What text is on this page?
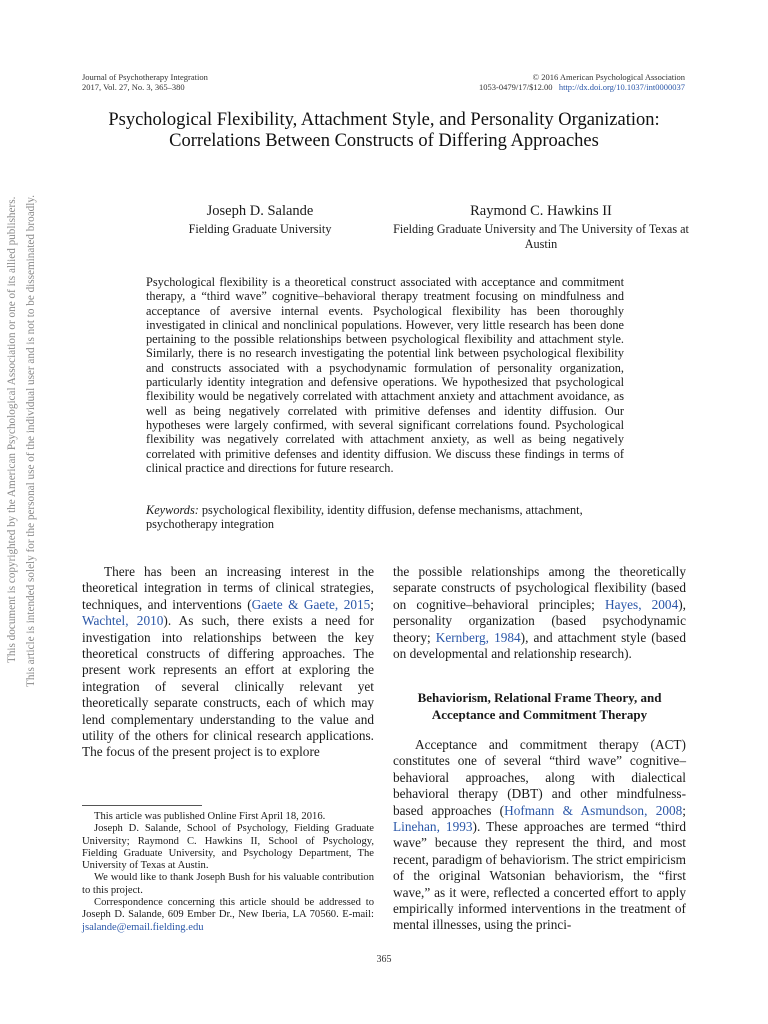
Journal of Psychotherapy Integration
2017, Vol. 27, No. 3, 365–380
© 2016 American Psychological Association
1053-0479/17/$12.00 http://dx.doi.org/10.1037/int0000037
Psychological Flexibility, Attachment Style, and Personality Organization: Correlations Between Constructs of Differing Approaches
Joseph D. Salande
Fielding Graduate University
Raymond C. Hawkins II
Fielding Graduate University and The University of Texas at Austin
Psychological flexibility is a theoretical construct associated with acceptance and commitment therapy, a “third wave” cognitive–behavioral therapy treatment focusing on mindfulness and acceptance of aversive internal events. Psychological flexibility has been thoroughly investigated in clinical and nonclinical populations. However, very little research has been done pertaining to the possible relationships between psychological flexibility and attachment style. Similarly, there is no research investigating the potential link between psychological flexibility and constructs associated with a psychodynamic formulation of personality organization, particularly identity integration and defensive operations. We hypothesized that psychological flexibility would be negatively correlated with attachment anxiety and attachment avoidance, as well as being negatively correlated with primitive defenses and identity diffusion. Our hypotheses were largely confirmed, with several significant correlations found. Psychological flexibility was negatively correlated with attachment anxiety, as well as being negatively correlated with primitive defenses and identity diffusion. We discuss these findings in terms of clinical practice and directions for future research.
Keywords: psychological flexibility, identity diffusion, defense mechanisms, attachment, psychotherapy integration
There has been an increasing interest in the theoretical integration in terms of clinical strategies, techniques, and interventions (Gaete & Gaete, 2015; Wachtel, 2010). As such, there exists a need for investigation into relationships between the key theoretical constructs of differing approaches. The present work represents an effort at exploring the integration of several clinically relevant yet theoretically separate constructs, each of which may lend complementary understanding to the value and utility of the others for clinical research applications. The focus of the present project is to explore
the possible relationships among the theoretically separate constructs of psychological flexibility (based on cognitive–behavioral principles; Hayes, 2004), personality organization (based psychodynamic theory; Kernberg, 1984), and attachment style (based on developmental and relationship research).
Behaviorism, Relational Frame Theory, and Acceptance and Commitment Therapy
Acceptance and commitment therapy (ACT) constitutes one of several “third wave” cognitive–behavioral approaches, along with dialectical behavioral therapy (DBT) and other mindfulness-based approaches (Hofmann & Asmundson, 2008; Linehan, 1993). These approaches are termed “third wave” because they represent the third, and most recent, paradigm of behaviorism. The strict empiricism of the original Watsonian behaviorism, the “first wave,” as it were, reflected a concerted effort to apply empirically informed interventions in the treatment of mental illnesses, using the princi-

This article was published Online First April 18, 2016.

Joseph D. Salande, School of Psychology, Fielding Graduate University; Raymond C. Hawkins II, School of Psychology, Fielding Graduate University, and Psychology Department, The University of Texas at Austin.

We would like to thank Joseph Bush for his valuable contribution to this project.

Correspondence concerning this article should be addressed to Joseph D. Salande, 609 Ember Dr., New Iberia, LA 70560. E-mail: jsalande@email.fielding.edu

365
This document is copyrighted by the American Psychological Association or one of its allied publishers. This article is intended solely for the personal use of the individual user and is not to be disseminated broadly.
